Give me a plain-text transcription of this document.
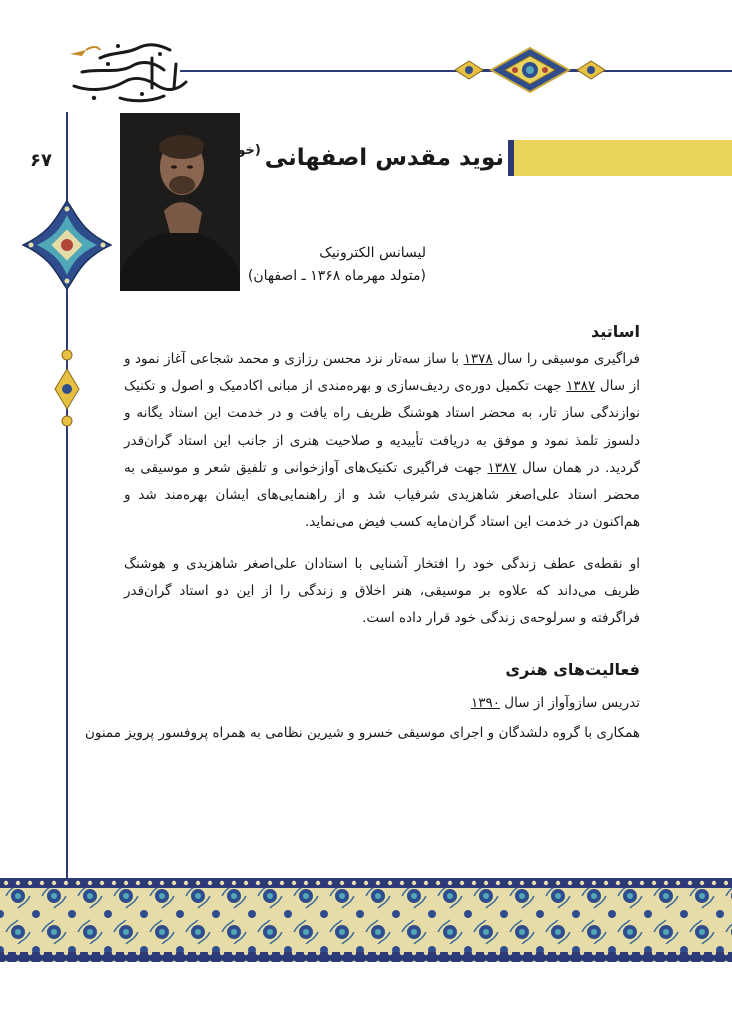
۶۷	نوید مقدس اصفهانی
(خواننده)
لیسانس الکترونیک
(متولد مهرماه ۱۳۶۸ ـ اصفهان)
اساتید
فراگیری موسیقی را سال ۱۳۷۸ با ساز سه‌تار نزد محسن رزازی و محمد شجاعی آغاز نمود و از سال ۱۳۸۷ جهت تکمیل دوره‌ی ردیف‌سازی و بهره‌مندی از مبانی اکادمیک و اصول و تکنیک نوازندگی ساز تار، به محضر استاد هوشنگ ظریف راه یافت و در خدمت این استاد یگانه و دلسوز تلمذ نمود و موفق به دریافت تأییدیه و صلاحیت هنری از جانب این استاد گران‌قدر گردید. در همان سال ۱۳۸۷ جهت فراگیری تکنیک‌های آوازخوانی و تلفیق شعر و موسیقی به محضر استاد علی‌اصغر شاهزیدی شرفیاب شد و از راهنمایی‌های ایشان بهره‌مند شد و هم‌اکنون در خدمت این استاد گران‌مایه کسب فیض می‌نماید.
او نقطه‌ی عطف زندگی خود را افتخار آشنایی با استادان علی‌اصغر شاهزیدی و هوشنگ ظریف می‌داند که علاوه بر موسیقی، هنر اخلاق و زندگی را از این دو استاد گران‌قدر فراگرفته و سرلوحه‌ی زندگی خود قرار داده است.
فعالیت‌های هنری
تدریس سازوآواز از سال ۱۳۹۰
همکاری با گروه دلشدگان و اجرای موسیقی خسرو و شیرین نظامی به همراه پروفسور پرویز ممنون
